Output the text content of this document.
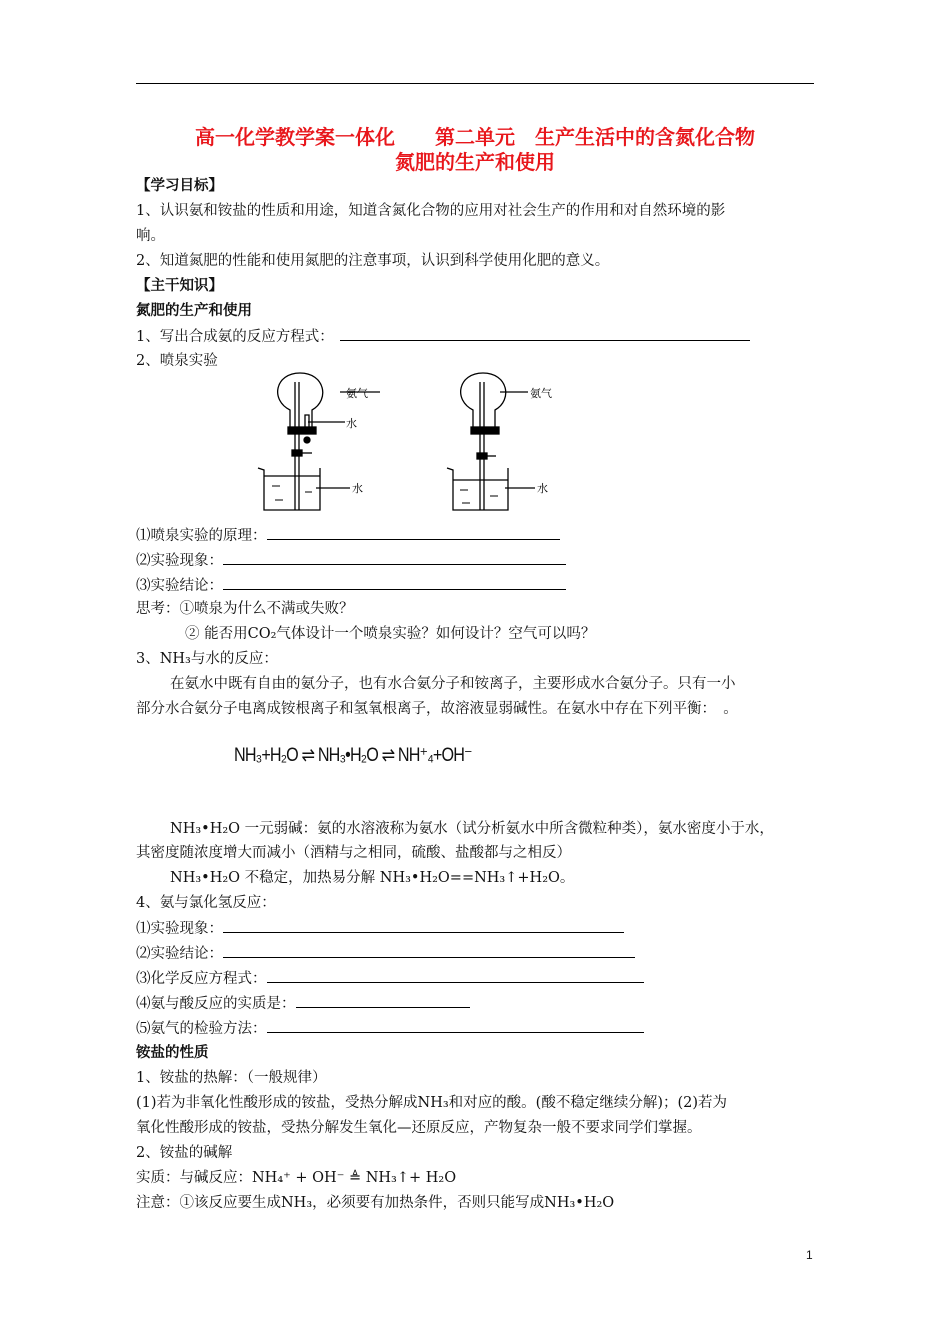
高一化学教学案一体化　　第二单元　生产生活中的含氮化合物
氮肥的生产和使用
【学习目标】
1、认识氨和铵盐的性质和用途，知道含氮化合物的应用对社会生产的作用和对自然环境的影
响。
2、知道氮肥的性能和使用氮肥的注意事项，认识到科学使用化肥的意义。
【主干知识】
氮肥的生产和使用
1、写出合成氨的反应方程式：
2、喷泉实验
氨气
水
水
氨气
水
⑴喷泉实验的原理：
⑵实验现象：
⑶实验结论：
思考：①喷泉为什么不满或失败？
② 能否用CO₂气体设计一个喷泉实验？如何设计？空气可以吗？
3、NH₃与水的反应：
在氨水中既有自由的氨分子，也有水合氨分子和铵离子，主要形成水合氨分子。只有一小
部分水合氨分子电离成铵根离子和氢氧根离子，故溶液显弱碱性。在氨水中存在下列平衡：　。
NH₃+H₂O ⇌ NH₃•H₂O ⇌ NH⁺₄+OH⁻
NH₃•H₂O 一元弱碱：氨的水溶液称为氨水（试分析氨水中所含微粒种类），氨水密度小于水，
其密度随浓度增大而减小（酒精与之相同，硫酸、盐酸都与之相反）
NH₃•H₂O 不稳定，加热易分解 NH₃•H₂O==NH₃↑+H₂O。
4、氨与氯化氢反应：
⑴实验现象：
⑵实验结论：
⑶化学反应方程式：
⑷氨与酸反应的实质是：
⑸氨气的检验方法：
铵盐的性质
1、铵盐的热解：（一般规律）
(1)若为非氧化性酸形成的铵盐，受热分解成NH₃和对应的酸。(酸不稳定继续分解)；(2)若为
氧化性酸形成的铵盐，受热分解发生氧化—还原反应，产物复杂一般不要求同学们掌握。
2、铵盐的碱解
实质：与碱反应：NH₄⁺ + OH⁻ ≜ NH₃↑+ H₂O
注意：①该反应要生成NH₃，必须要有加热条件，否则只能写成NH₃•H₂O
1
